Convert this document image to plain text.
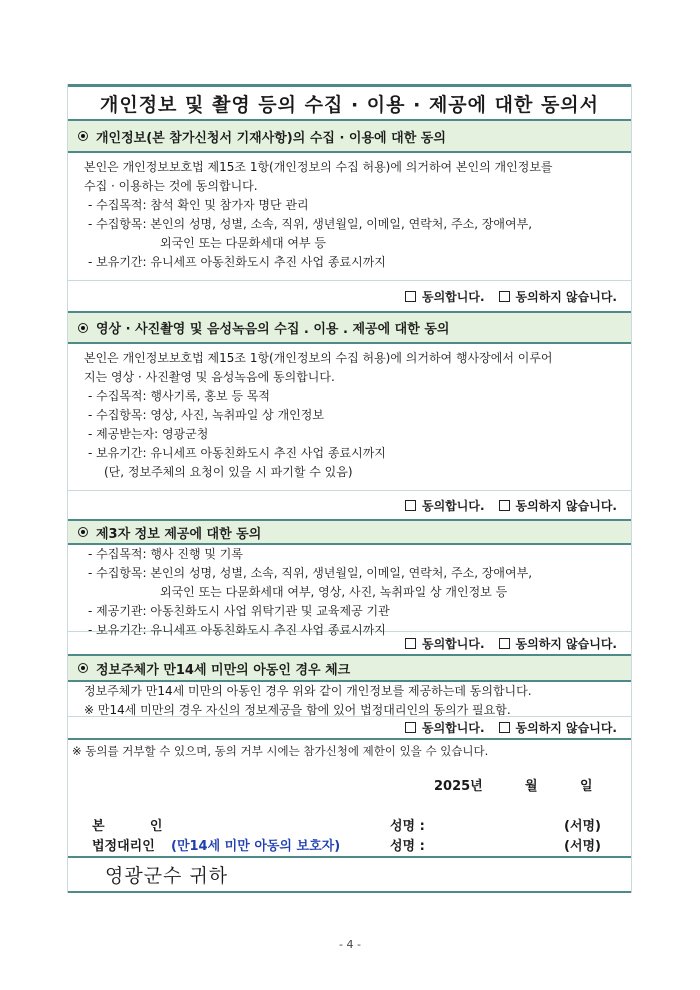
개인정보 및 촬영 등의 수집 · 이용 · 제공에 대한 동의서
개인정보(본 참가신청서 기재사항)의 수집 · 이용에 대한 동의
본인은 개인정보보호법 제15조 1항(개인정보의 수집 허용)에 의거하여 본인의 개인정보를
수집 · 이용하는 것에 동의합니다.
- 수집목적: 참석 확인 및 참가자 명단 관리
- 수집항목: 본인의 성명, 성별, 소속, 직위, 생년월일, 이메일, 연락처, 주소, 장애여부,
외국인 또는 다문화세대 여부 등
- 보유기간: 유니세프 아동친화도시 추진 사업 종료시까지
동의합니다.	동의하지 않습니다.
영상 · 사진촬영 및 음성녹음의 수집 . 이용 . 제공에 대한 동의
본인은 개인정보보호법 제15조 1항(개인정보의 수집 허용)에 의거하여 행사장에서 이루어
지는 영상 · 사진촬영 및 음성녹음에 동의합니다.
- 수집목적: 행사기록, 홍보 등 목적
- 수집항목: 영상, 사진, 녹취파일 상 개인정보
- 제공받는자: 영광군청
- 보유기간: 유니세프 아동친화도시 추진 사업 종료시까지
(단, 정보주체의 요청이 있을 시 파기할 수 있음)
동의합니다.	동의하지 않습니다.
제3자 정보 제공에 대한 동의
- 수집목적: 행사 진행 및 기록
- 수집항목: 본인의 성명, 성별, 소속, 직위, 생년월일, 이메일, 연락처, 주소, 장애여부,
외국인 또는 다문화세대 여부, 영상, 사진, 녹취파일 상 개인정보 등
- 제공기관: 아동친화도시 사업 위탁기관 및 교육제공 기관
- 보유기간: 유니세프 아동친화도시 추진 사업 종료시까지
동의합니다.	동의하지 않습니다.
정보주체가 만14세 미만의 아동인 경우 체크
정보주체가 만14세 미만의 아동인 경우 위와 같이 개인정보를 제공하는데 동의합니다.
※ 만14세 미만의 경우 자신의 정보제공을 함에 있어 법정대리인의 동의가 필요함.
동의합니다.	동의하지 않습니다.
※ 동의를 거부할 수 있으며, 동의 거부 시에는 참가신청에 제한이 있을 수 있습니다.
2025년	월	일
본          인	성명 :	(서명)
법정대리인 (만14세 미만 아동의 보호자)	성명 :	(서명)
영광군수 귀하
- 4 -
